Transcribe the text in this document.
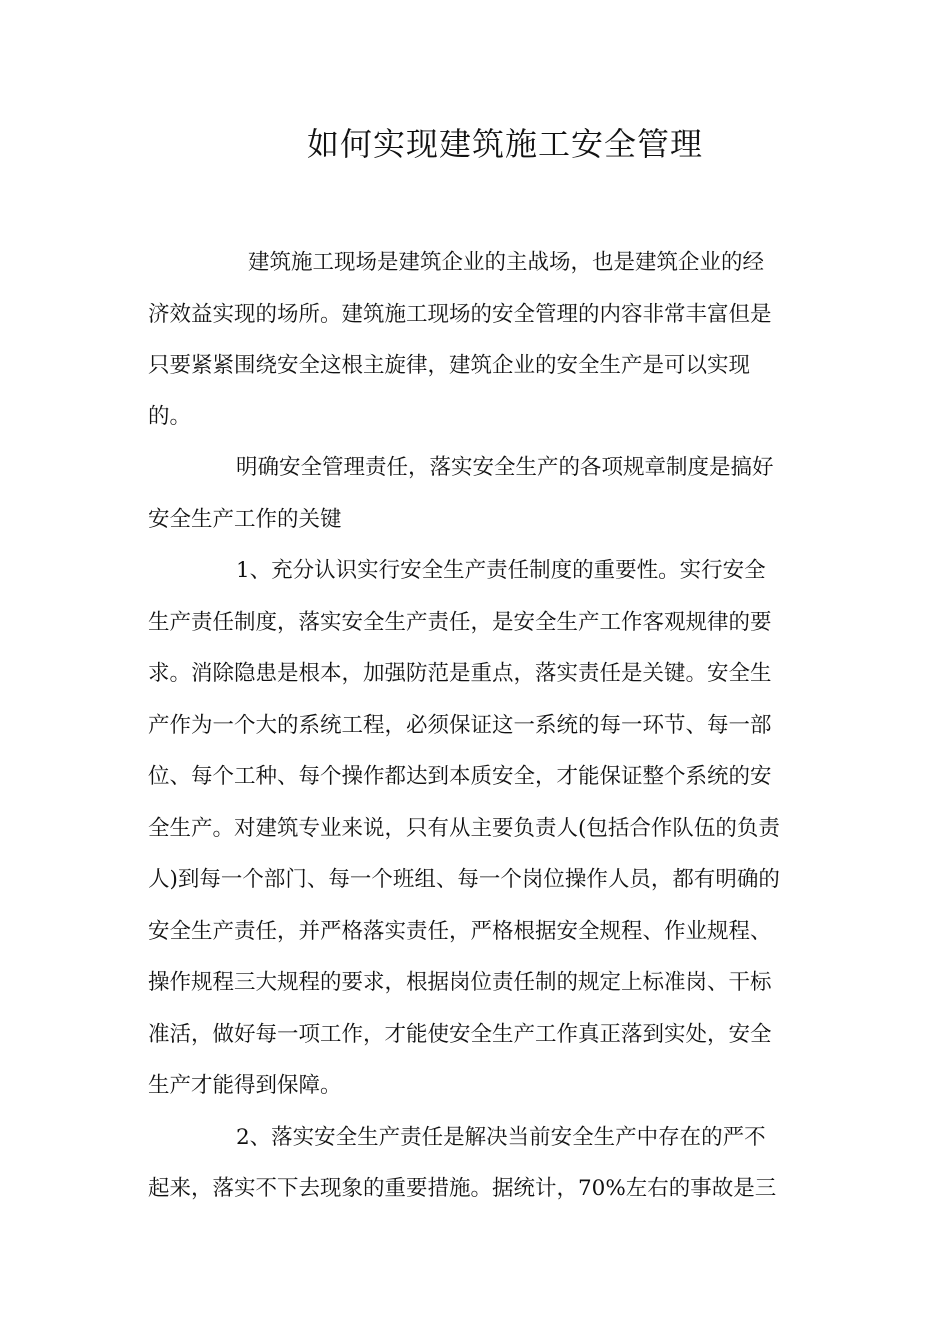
如何实现建筑施工安全管理
建筑施工现场是建筑企业的主战场，也是建筑企业的经
济效益实现的场所。建筑施工现场的安全管理的内容非常丰富但是
只要紧紧围绕安全这根主旋律，建筑企业的安全生产是可以实现
的。
明确安全管理责任，落实安全生产的各项规章制度是搞好
安全生产工作的关键
1、充分认识实行安全生产责任制度的重要性。实行安全
生产责任制度，落实安全生产责任，是安全生产工作客观规律的要
求。消除隐患是根本，加强防范是重点，落实责任是关键。安全生
产作为一个大的系统工程，必须保证这一系统的每一环节、每一部
位、每个工种、每个操作都达到本质安全，才能保证整个系统的安
全生产。对建筑专业来说，只有从主要负责人(包括合作队伍的负责
人)到每一个部门、每一个班组、每一个岗位操作人员，都有明确的
安全生产责任，并严格落实责任，严格根据安全规程、作业规程、
操作规程三大规程的要求，根据岗位责任制的规定上标准岗、干标
准活，做好每一项工作，才能使安全生产工作真正落到实处，安全
生产才能得到保障。
2、落实安全生产责任是解决当前安全生产中存在的严不
起来，落实不下去现象的重要措施。据统计，70%左右的事故是三
